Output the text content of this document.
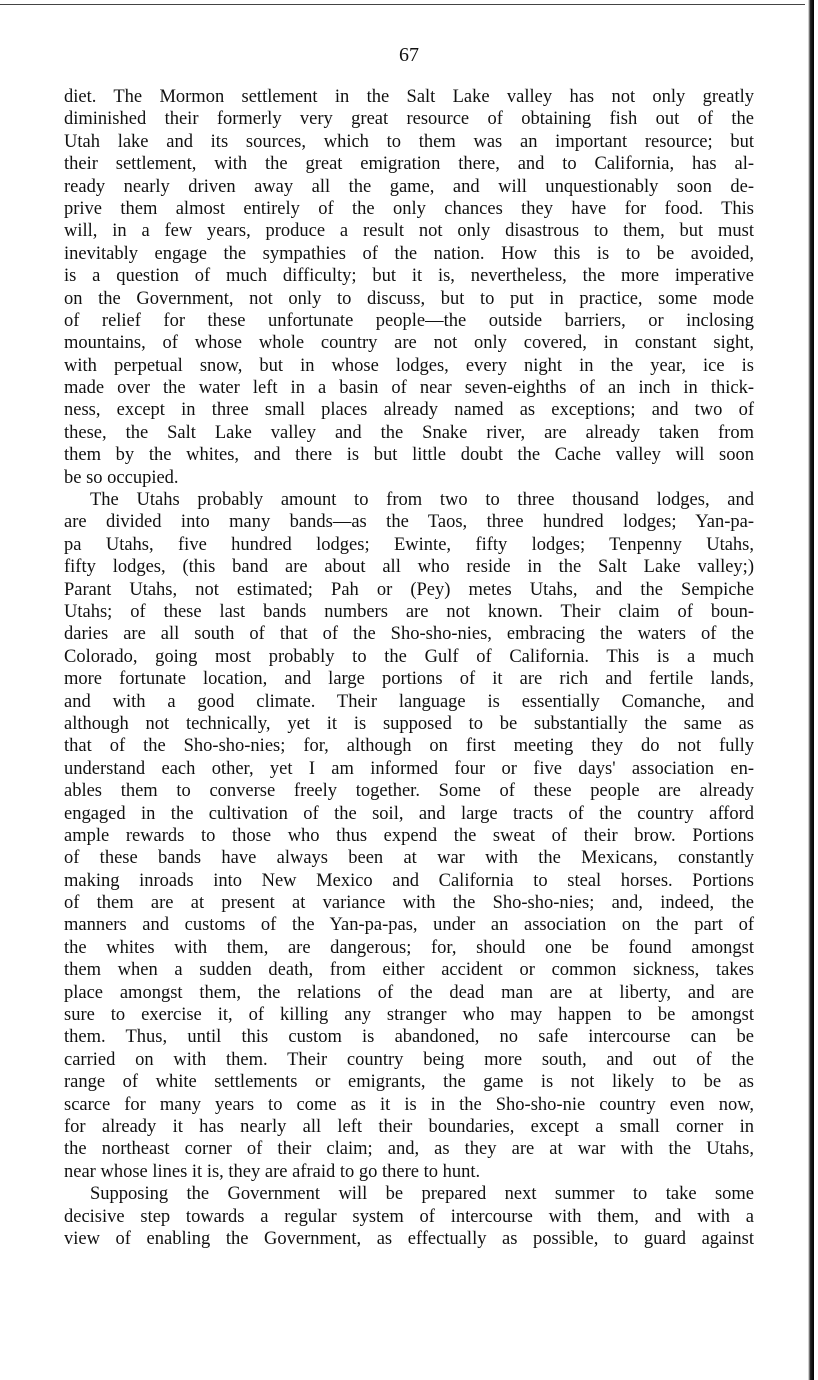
67
diet. The Mormon settlement in the Salt Lake valley has not only greatly
diminished their formerly very great resource of obtaining fish out of the
Utah lake and its sources, which to them was an important resource; but
their settlement, with the great emigration there, and to California, has al-
ready nearly driven away all the game, and will unquestionably soon de-
prive them almost entirely of the only chances they have for food. This
will, in a few years, produce a result not only disastrous to them, but must
inevitably engage the sympathies of the nation. How this is to be avoided,
is a question of much difficulty; but it is, nevertheless, the more imperative
on the Government, not only to discuss, but to put in practice, some mode
of relief for these unfortunate people—the outside barriers, or inclosing
mountains, of whose whole country are not only covered, in constant sight,
with perpetual snow, but in whose lodges, every night in the year, ice is
made over the water left in a basin of near seven-eighths of an inch in thick-
ness, except in three small places already named as exceptions; and two of
these, the Salt Lake valley and the Snake river, are already taken from
them by the whites, and there is but little doubt the Cache valley will soon
be so occupied.
The Utahs probably amount to from two to three thousand lodges, and
are divided into many bands—as the Taos, three hundred lodges; Yan-pa-
pa Utahs, five hundred lodges; Ewinte, fifty lodges; Tenpenny Utahs,
fifty lodges, (this band are about all who reside in the Salt Lake valley;)
Parant Utahs, not estimated; Pah or (Pey) metes Utahs, and the Sempiche
Utahs; of these last bands numbers are not known. Their claim of boun-
daries are all south of that of the Sho-sho-nies, embracing the waters of the
Colorado, going most probably to the Gulf of California. This is a much
more fortunate location, and large portions of it are rich and fertile lands,
and with a good climate. Their language is essentially Comanche, and
although not technically, yet it is supposed to be substantially the same as
that of the Sho-sho-nies; for, although on first meeting they do not fully
understand each other, yet I am informed four or five days' association en-
ables them to converse freely together. Some of these people are already
engaged in the cultivation of the soil, and large tracts of the country afford
ample rewards to those who thus expend the sweat of their brow. Portions
of these bands have always been at war with the Mexicans, constantly
making inroads into New Mexico and California to steal horses. Portions
of them are at present at variance with the Sho-sho-nies; and, indeed, the
manners and customs of the Yan-pa-pas, under an association on the part of
the whites with them, are dangerous; for, should one be found amongst
them when a sudden death, from either accident or common sickness, takes
place amongst them, the relations of the dead man are at liberty, and are
sure to exercise it, of killing any stranger who may happen to be amongst
them. Thus, until this custom is abandoned, no safe intercourse can be
carried on with them. Their country being more south, and out of the
range of white settlements or emigrants, the game is not likely to be as
scarce for many years to come as it is in the Sho-sho-nie country even now,
for already it has nearly all left their boundaries, except a small corner in
the northeast corner of their claim; and, as they are at war with the Utahs,
near whose lines it is, they are afraid to go there to hunt.
Supposing the Government will be prepared next summer to take some
decisive step towards a regular system of intercourse with them, and with a
view of enabling the Government, as effectually as possible, to guard against
